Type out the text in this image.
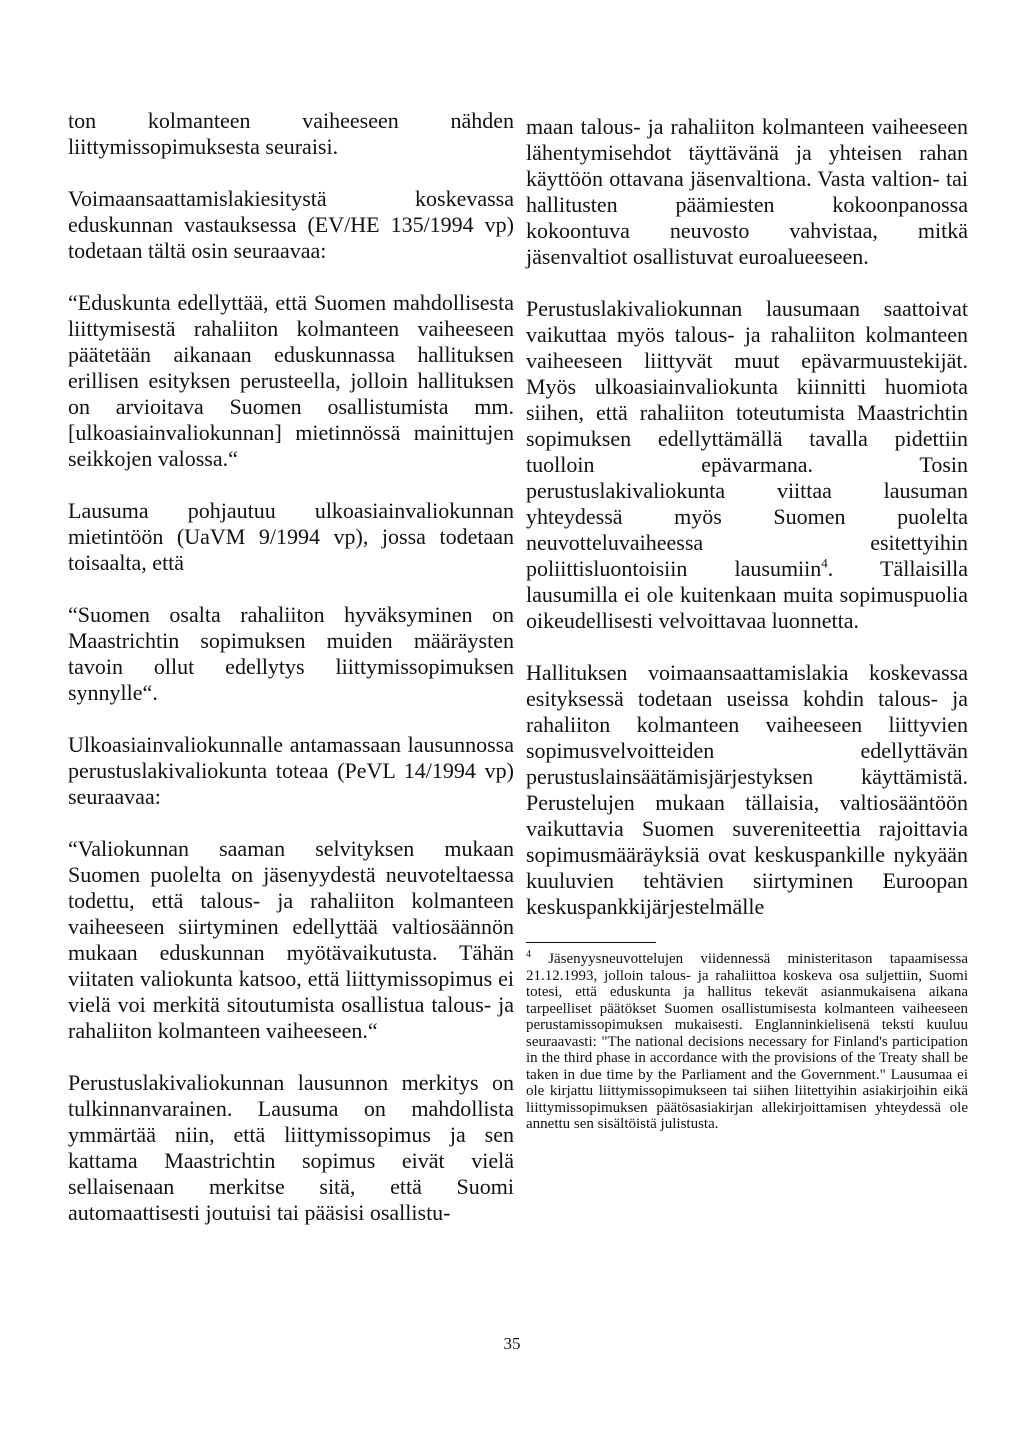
ton kolmanteen vaiheeseen nähden liittymissopimuksesta seuraisi.

Voimaansaattamislakiesitystä koskevassa eduskunnan vastauksessa (EV/HE 135/1994 vp) todetaan tältä osin seuraavaa:

“Eduskunta edellyttää, että Suomen mahdollisesta liittymisestä rahaliiton kolmanteen vaiheeseen päätetään aikanaan eduskunnassa hallituksen erillisen esityksen perusteella, jolloin hallituksen on arvioitava Suomen osallistumista mm. [ulkoasiainvaliokunnan] mietinnössä mainittujen seikkojen valossa.“

Lausuma pohjautuu ulkoasiainvaliokunnan mietintöön (UaVM 9/1994 vp), jossa todetaan toisaalta, että

“Suomen osalta rahaliiton hyväksyminen on Maastrichtin sopimuksen muiden määräysten tavoin ollut edellytys liittymissopimuksen synnylle“.

Ulkoasiainvaliokunnalle antamassaan lausunnossa perustuslakivaliokunta toteaa (PeVL 14/1994 vp) seuraavaa:

“Valiokunnan saaman selvityksen mukaan Suomen puolelta on jäsenyydestä neuvoteltaessa todettu, että talous- ja rahaliiton kolmanteen vaiheeseen siirtyminen edellyttää valtiosäännön mukaan eduskunnan myötävaikutusta. Tähän viitaten valiokunta katsoo, että liittymissopimus ei vielä voi merkitä sitoutumista osallistua talous- ja rahaliiton kolmanteen vaiheeseen.“

Perustuslakivaliokunnan lausunnon merkitys on tulkinnanvarainen. Lausuma on mahdollista ymmärtää niin, että liittymissopimus ja sen kattama Maastrichtin sopimus eivät vielä sellaisenaan merkitse sitä, että Suomi automaattisesti joutuisi tai pääsisi osallistu-

maan talous- ja rahaliiton kolmanteen vaiheeseen lähentymisehdot täyttävänä ja yhteisen rahan käyttöön ottavana jäsenvaltiona. Vasta valtion- tai hallitusten päämiesten kokoonpanossa kokoontuva neuvosto vahvistaa, mitkä jäsenvaltiot osallistuvat euroalueeseen.

Perustuslakivaliokunnan lausumaan saattoivat vaikuttaa myös talous- ja rahaliiton kolmanteen vaiheeseen liittyvät muut epävarmuustekijät. Myös ulkoasiainvaliokunta kiinnitti huomiota siihen, että rahaliiton toteutumista Maastrichtin sopimuksen edellyttämällä tavalla pidettiin tuolloin epävarmana. Tosin perustuslakivaliokunta viittaa lausuman yhteydessä myös Suomen puolelta neuvotteluvaiheessa esitettyihin poliittisluontoisiin lausumiin$^4$. Tällaisilla lausumilla ei ole kuitenkaan muita sopimuspuolia oikeudellisesti velvoittavaa luonnetta.

Hallituksen voimaansaattamislakia koskevassa esityksessä todetaan useissa kohdin talous- ja rahaliiton kolmanteen vaiheeseen liittyvien sopimusvelvoitteiden edellyttävän perustuslainsäätämisjärjestyksen käyttämistä. Perustelujen mukaan tällaisia, valtiosääntöön vaikuttavia Suomen suvereniteettia rajoittavia sopimusmääräyksiä ovat keskuspankille nykyään kuuluvien tehtävien siirtyminen Euroopan keskuspankkijärjestelmälle

$^4$ Jäsenyysneuvottelujen viidennessä ministeritason tapaamisessa 21.12.1993, jolloin talous- ja rahaliittoa koskeva osa suljettiin, Suomi totesi, että eduskunta ja hallitus tekevät asianmukaisena aikana tarpeelliset päätökset Suomen osallistumisesta kolmanteen vaiheeseen perustamissopimuksen mukaisesti. Englanninkielisenä teksti kuuluu seuraavasti: "The national decisions necessary for Finland's participation in the third phase in accordance with the provisions of the Treaty shall be taken in due time by the Parliament and the Government." Lausumaa ei ole kirjattu liittymissopimukseen tai siihen liitettyihin asiakirjoihin eikä liittymissopimuksen päätösasiakirjan allekirjoittamisen yhteydessä ole annettu sen sisältöistä julistusta.

35
